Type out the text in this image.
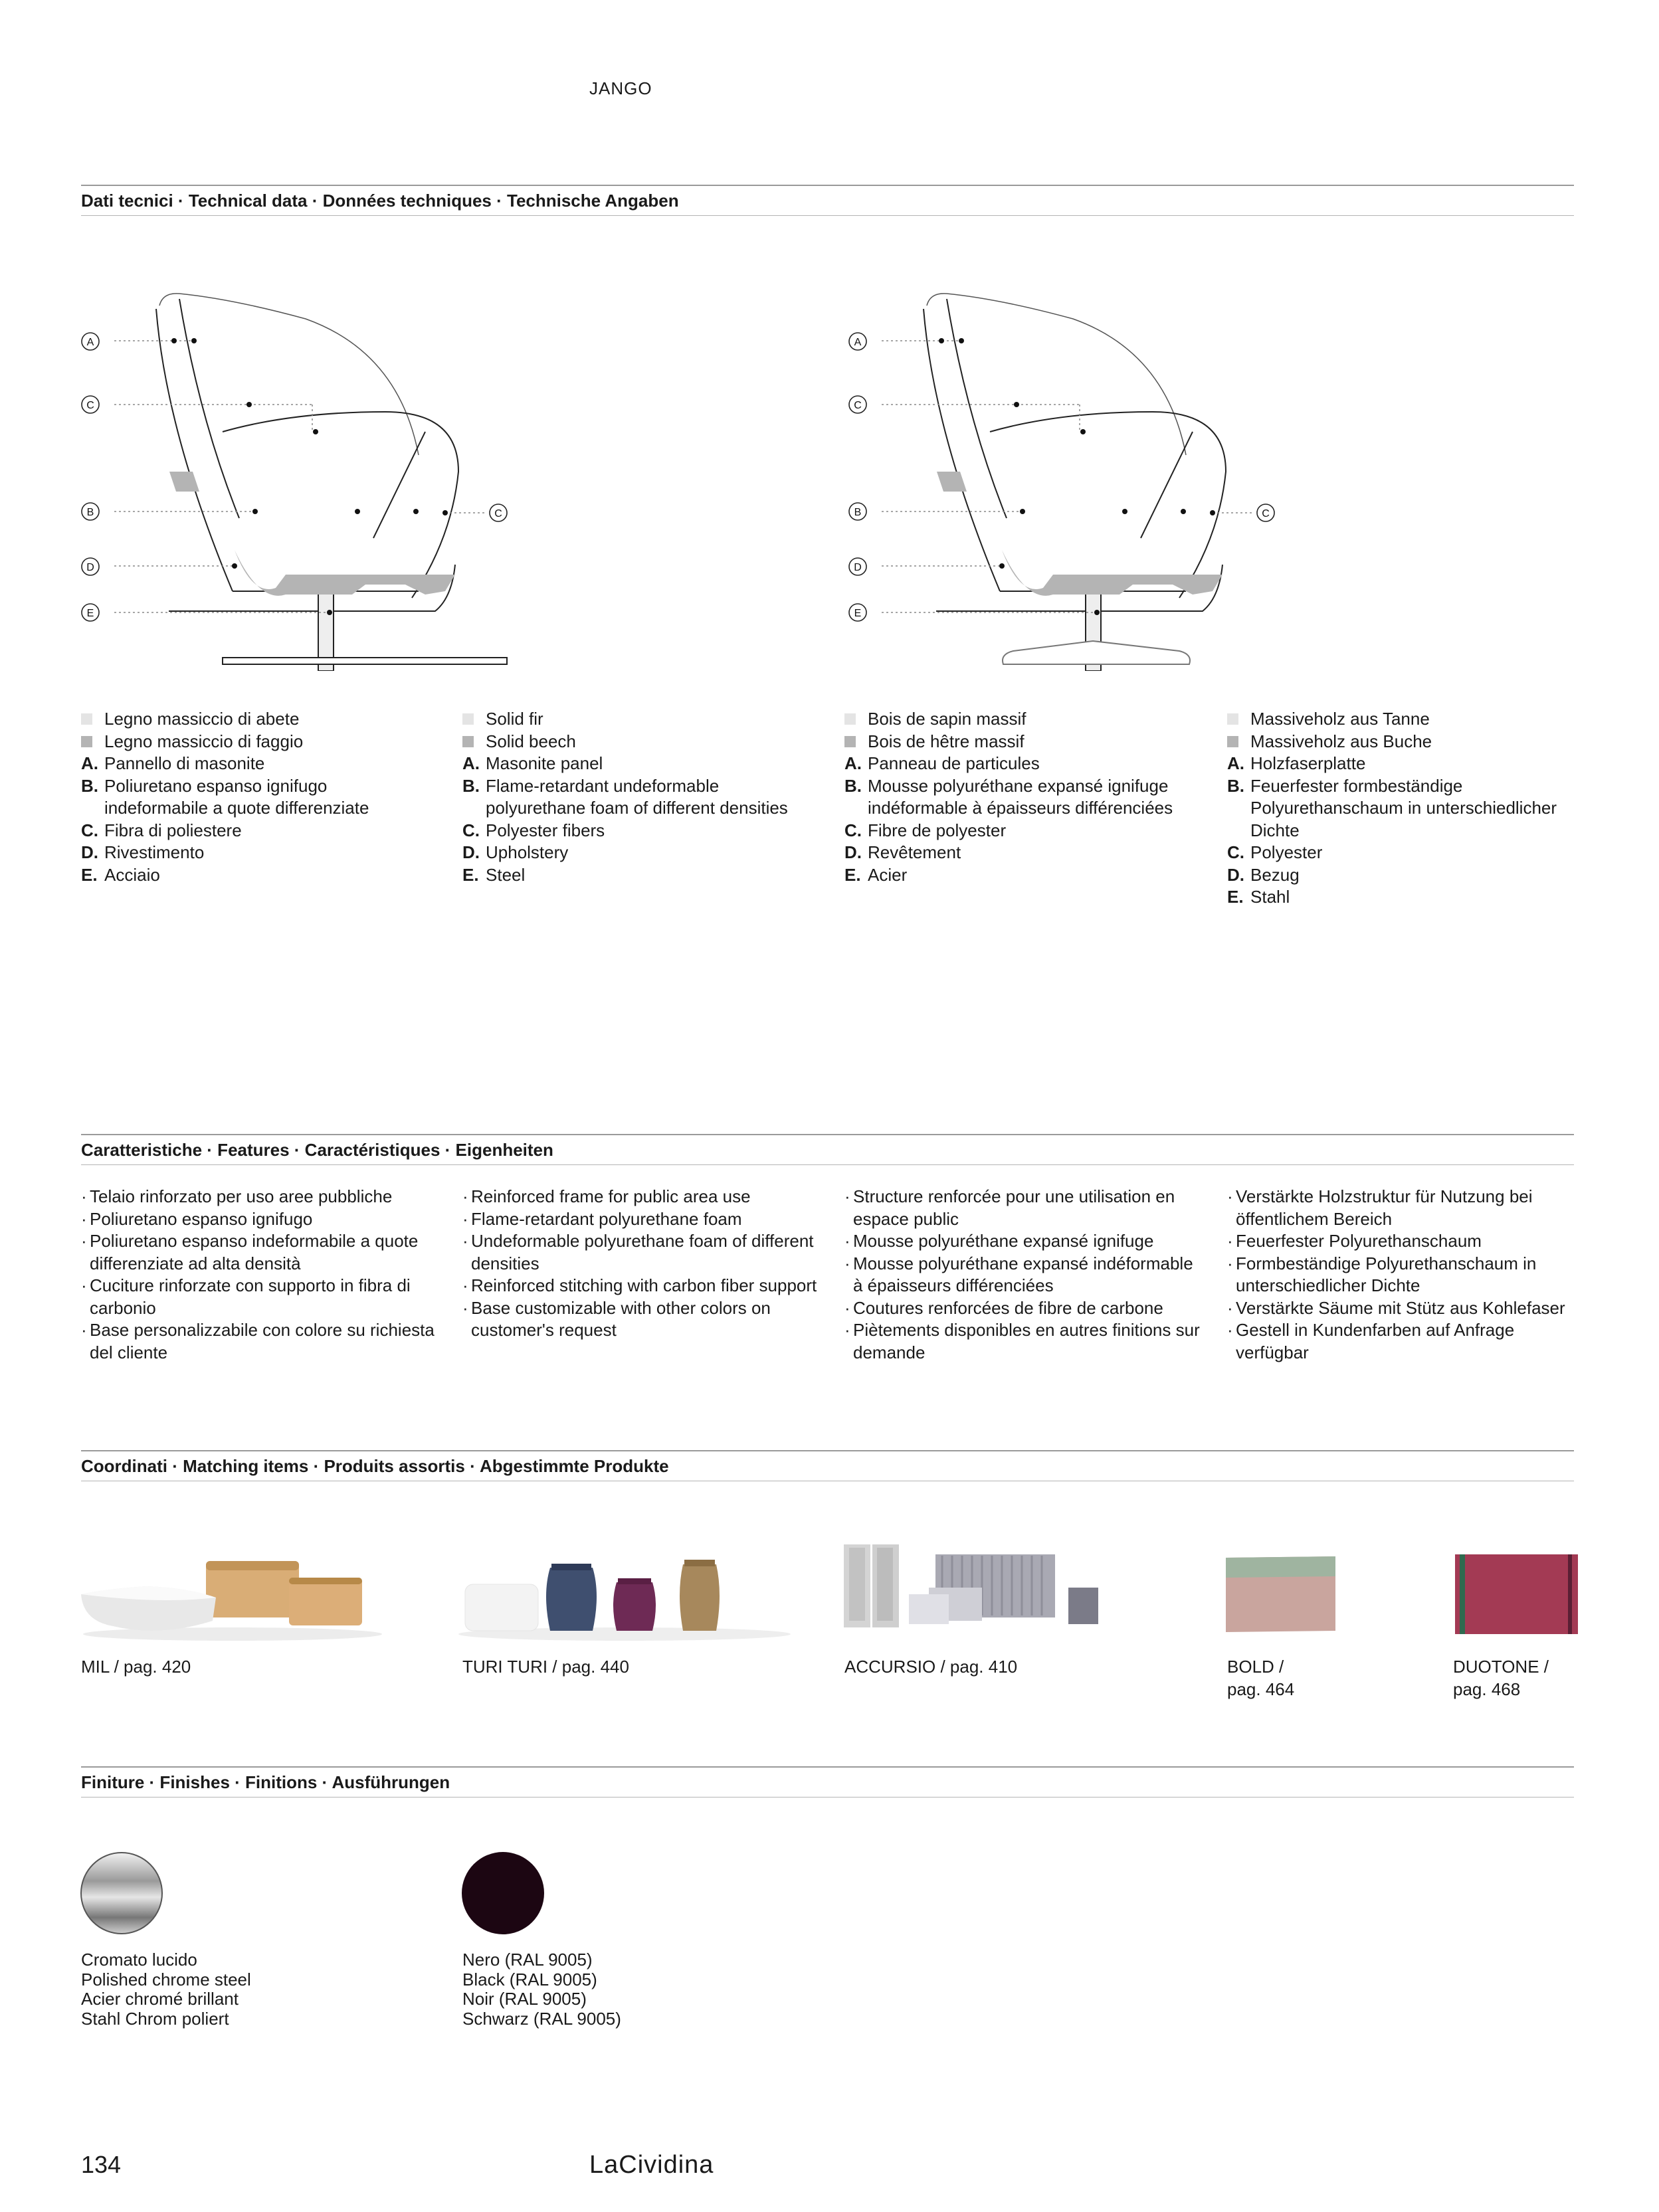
JANGO
Dati tecnici · Technical data · Données techniques · Technische Angaben
A
C
B	C
D
E
A
C
B	C
D
E
Legno massiccio di abete
Legno massiccio di faggio
A. Pannello di masonite
B. Poliuretano espanso ignifugo indeformabile a quote differenziate
C. Fibra di poliestere
D. Rivestimento
E. Acciaio
Solid fir
Solid beech
A. Masonite panel
B. Flame-retardant undeformable polyurethane foam of different densities
C. Polyester fibers
D. Upholstery
E. Steel
Bois de sapin massif
Bois de hêtre massif
A. Panneau de particules
B. Mousse polyuréthane expansé ignifuge indéformable à épaisseurs différenciées
C. Fibre de polyester
D. Revêtement
E. Acier
Massiveholz aus Tanne
Massiveholz aus Buche
A. Holzfaserplatte
B. Feuerfester formbeständige Polyurethanschaum in unterschiedlicher Dichte
C. Polyester
D. Bezug
E. Stahl
Caratteristiche · Features · Caractéristiques · Eigenheiten
· Telaio rinforzato per uso aree pubbliche
· Poliuretano espanso ignifugo
· Poliuretano espanso indeformabile a quote differenziate ad alta densità
· Cuciture rinforzate con supporto in fibra di carbonio
· Base personalizzabile con colore su richiesta del cliente
· Reinforced frame for public area use
· Flame-retardant polyurethane foam
· Undeformable polyurethane foam of different densities
· Reinforced stitching with carbon fiber support
· Base customizable with other colors on customer's request
· Structure renforcée pour une utilisation en espace public
· Mousse polyuréthane expansé ignifuge
· Mousse polyuréthane expansé indéformable à épaisseurs différenciées
· Coutures renforcées de fibre de carbone
· Piètements disponibles en autres finitions sur demande
· Verstärkte Holzstruktur für Nutzung bei öffentlichem Bereich
· Feuerfester Polyurethanschaum
· Formbeständige Polyurethanschaum in unterschiedlicher Dichte
· Verstärkte Säume mit Stütz aus Kohlefaser
· Gestell in Kundenfarben auf Anfrage verfügbar
Coordinati · Matching items · Produits assortis · Abgestimmte Produkte
MIL / pag. 420	TURI TURI / pag. 440	ACCURSIO / pag. 410	BOLD /
pag. 464
DUOTONE /
pag. 468
Finiture · Finishes · Finitions · Ausführungen
Cromato lucido
Polished chrome steel
Acier chromé brillant
Stahl Chrom poliert
Nero (RAL 9005)
Black (RAL 9005)
Noir (RAL 9005)
Schwarz (RAL 9005)
134	LaCividina
